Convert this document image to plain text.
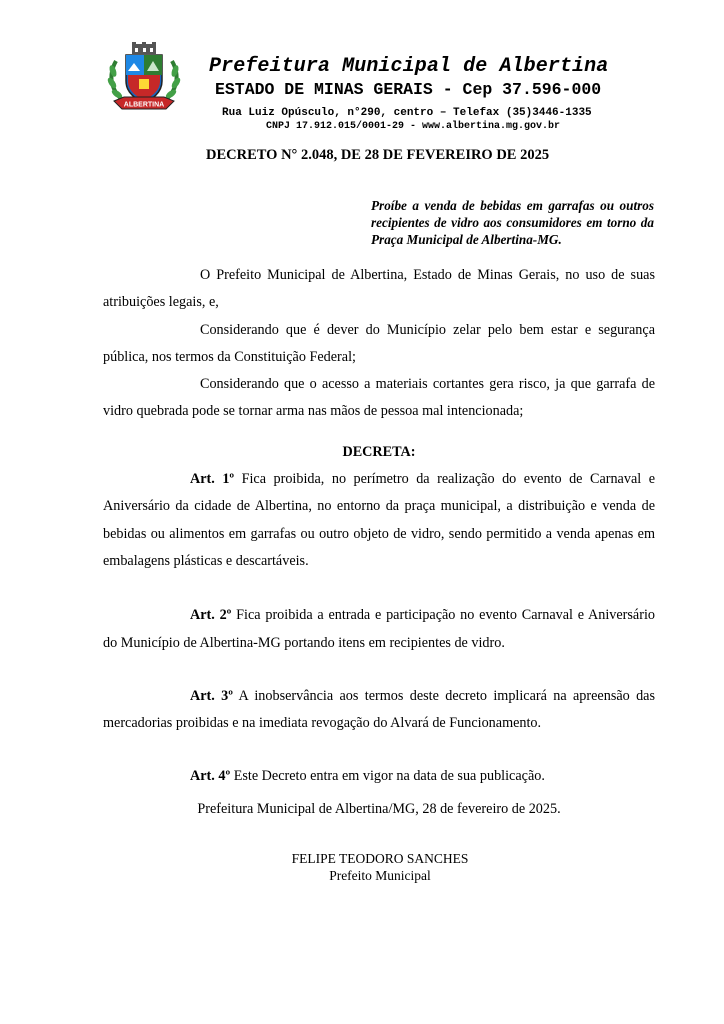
ALBERTINA
Prefeitura Municipal de Albertina
ESTADO DE MINAS GERAIS - Cep 37.596-000
Rua Luiz Opúsculo, n°290, centro – Telefax (35)3446-1335
CNPJ 17.912.015/0001-29 - www.albertina.mg.gov.br
DECRETO N° 2.048, DE 28 DE FEVEREIRO DE 2025
Proíbe a venda de bebidas em garrafas ou outros recipientes de vidro aos consumidores em torno da Praça Municipal de Albertina-MG.

O Prefeito Municipal de Albertina, Estado de Minas Gerais, no uso de suas atribuições legais, e,

Considerando que é dever do Município zelar pelo bem estar e segurança pública, nos termos da Constituição Federal;

Considerando que o acesso a materiais cortantes gera risco, ja que garrafa de vidro quebrada pode se tornar arma nas mãos de pessoa mal intencionada;

DECRETA:

Art. 1º Fica proibida, no perímetro da realização do evento de Carnaval e Aniversário da cidade de Albertina, no entorno da praça municipal, a distribuição e venda de bebidas ou alimentos em garrafas ou outro objeto de vidro, sendo permitido a venda apenas em embalagens plásticas e descartáveis.

Art. 2º Fica proibida a entrada e participação no evento Carnaval e Aniversário do Município de Albertina-MG portando itens em recipientes de vidro.

Art. 3º A inobservância aos termos deste decreto implicará na apreensão das mercadorias proibidas e na imediata revogação do Alvará de Funcionamento.

Art. 4º Este Decreto entra em vigor na data de sua publicação.

Prefeitura Municipal de Albertina/MG, 28 de fevereiro de 2025.

FELIPE TEODORO SANCHES
Prefeito Municipal
